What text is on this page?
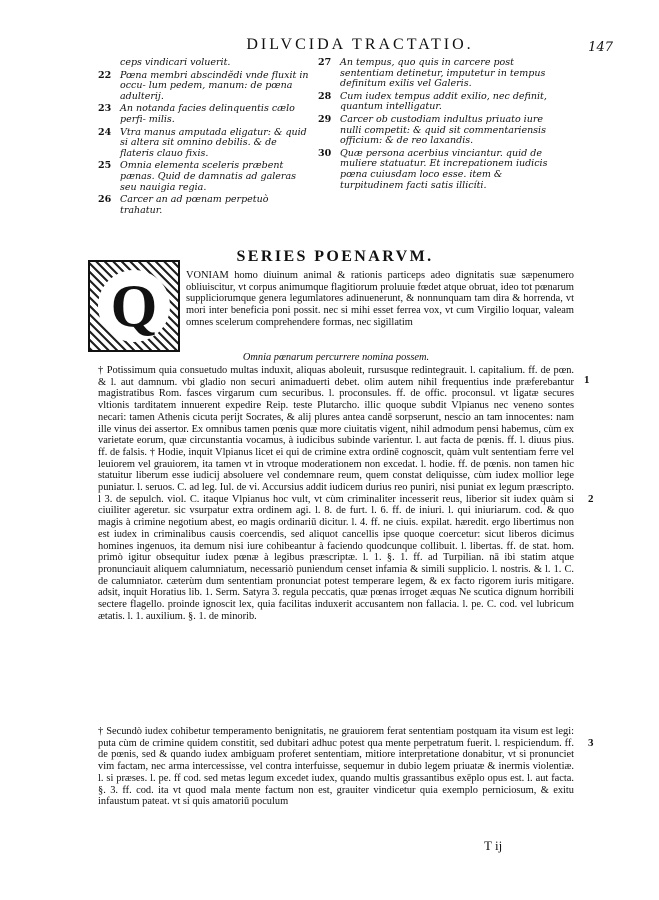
DILVCIDA TRACTATIO.	147
ceps vindicari voluerit.
22 Pœna membri abscindĕdi vnde fluxit in occu- lum pedem, manum: de pœna adulterij.
23 An notanda facies delinquentis cælo perfi- milis.
24 Vtra manus amputada eligatur: & quid si altera sit omnino debilis. & de flateris clauo fixis.
25 Omnia elementa sceleris præbent pænas. Quid de damnatis ad galeras seu nauigia regia.
26 Carcer an ad pœnam perpetuò trahatur.
27 An tempus, quo quis in carcere post sententiam detinetur, imputetur in tempus definitum exilis vel Galeris.
28 Cum iudex tempus addit exilio, nec definit, quantum intelligatur.
29 Carcer ob custodiam indultus priuato iure nulli competit: & quid sit commentariensis officium: & de reo laxandis.
30 Quæ persona acerbius vinciantur. quid de muliere statuatur. Et increpationem iudicis pœna cuiusdam loco esse. item & turpitudinem facti satis illicíti.
SERIES POENARVM.
Q	VONIAM homo diuinum animal & rationis particeps adeo dignitatis suæ sæpenumero obliuiscitur, vt corpus animumque flagitiorum proluuie fœdet atque obruat, ideo tot pœnarum suppliciorumque genera legumlatores adinuenerunt, & nonnunquam tam dira & horrenda, vt mori inter beneficia poni possit. nec si mihi esset ferrea vox, vt cum Virgilio loquar, valeam omnes scelerum comprehendere formas, nec sigillatim

Omnia pœnarum percurrere nomina possem.

† Potissimum quia consuetudo multas induxit, aliquas aboleuit, rursusque redintegrauit. l. capitalium. ff. de pœn. & l. aut damnum. vbi gladio non securi animaduerti debet. olim autem nihil frequentius inde præferebantur magistratibus Rom. fasces virgarum cum securibus. l. proconsules. ff. de offic. proconsul. vt ligatæ secures vltionis tarditatem innuerent expedire Reip. teste Plutarcho. illic quoque subdit Vlpianus nec veneno sontes necari: tamen Athenis cicuta perijt Socrates, & alij plures antea candē sorpserunt, nescio an tam innocentes: nam ille vinus dei assertor. Ex omnibus tamen pœnis quæ more ciuitatis vigent, nihil admodum pensi habemus, cùm ex varietate eorum, quæ circunstantia vocamus, à iudicibus subinde varientur. l. aut facta de pœnis. ff. l. diuus pius. ff. de falsis. † Hodie, inquit Vlpianus licet ei qui de crimine extra ordinē cognoscit, quàm vult sententiam ferre vel leuiorem vel grauiorem, ita tamen vt in vtroque moderationem non excedat. l. hodie. ff. de pœnis. non tamen hic statuitur liberum esse iudicij absoluere vel condemnare reum, quem constat deliquisse, cùm iudex mollior lege puniatur. l. seruos. C. ad leg. Iul. de vi. Accursius addit iudicem durius reo puniri, nisi puniat ex legum præscripto. l 3. de sepulch. viol. C. itaque Vlpianus hoc vult, vt cùm criminaliter incesserit reus, liberior sit iudex quàm si ciuiliter ageretur. sic vsurpatur extra ordinem agi. l. 8. de furt. l. 6. ff. de iniuri. l. qui iniuriarum. cod. & quo magis à crimine negotium abest, eo magis ordinariū dicitur. l. 4. ff. ne ciuis. expilat. hæredit. ergo libertimus non est iudex in criminalibus causis coercendis, sed aliquot cancellis ipse quoque coercetur: sicut liberos dicimus homines ingenuos, ita demum nisi iure cohibeantur à faciendo quodcunque collibuit. l. libertas. ff. de stat. hom. primò igitur obsequitur iudex pœnæ à legibus præscriptæ. l. 1. §. 1. ff. ad Turpilian. nā ibi statim atque pronunciauit aliquem calumniatum, necessariò puniendum censet infamia & simili supplicio. l. nostris. & l. 1. C. de calumniator. cæterùm dum sententiam pronunciat potest temperare legem, & ex facto rigorem iuris mitigare. adsit, inquit Horatius lib. 1. Serm. Satyra 3. regula peccatis, quæ pœnas irroget æquas Ne scutica dignum horribili sectere flagello. proinde ignoscit lex, quia facilitas induxerit accusantem non fallacia. l. pe. C. cod. vel lubricum ætatis. l. 1. auxilium. §. 1. de minorib.

† Secundò iudex cohibetur temperamento benignitatis, ne grauiorem ferat sententiam postquam ita visum est legi: puta cùm de crimine quidem constitit, sed dubitari adhuc potest qua mente perpetratum fuerit. l. respiciendum. ff. de pœnis, sed & quando iudex ambiguam proferet sententiam, mitiore interpretatione donabitur, vt si pronunciet vim factam, nec arma intercessisse, vel contra interfuisse, sequemur in dubio legem priuatæ & inermis violentiæ. l. si præses. l. pe. ff cod. sed metas legum excedet iudex, quando multis grassantibus exēplo opus est. l. aut facta. §. 3. ff. cod. ita vt quod mala mente factum non est, grauiter vindicetur quia exemplo perniciosum, & exitu infaustum pateat. vt si quis amatoriū poculum

1
2
3
T ij
